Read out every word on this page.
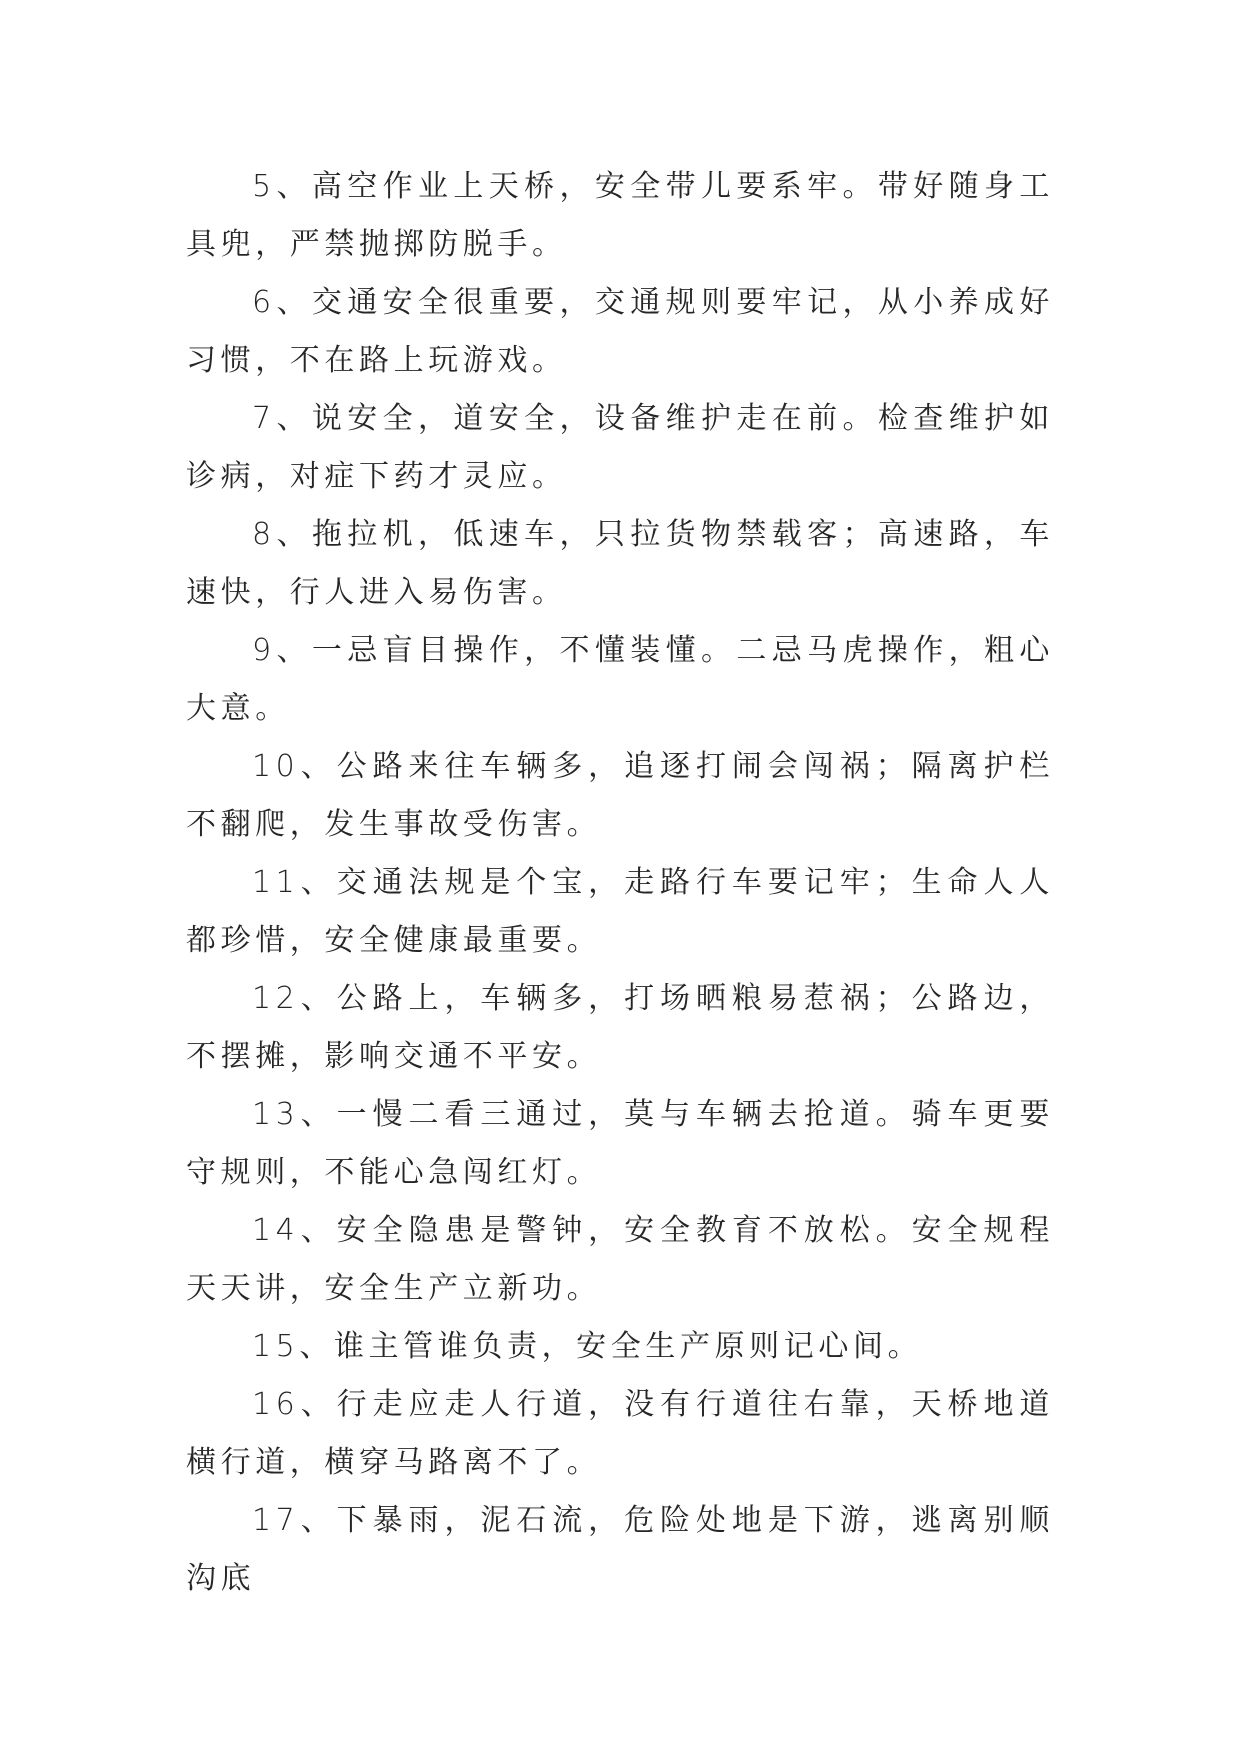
5、高空作业上天桥，安全带儿要系牢。带好随身工具兜，严禁抛掷防脱手。

6、交通安全很重要，交通规则要牢记，从小养成好习惯，不在路上玩游戏。

7、说安全，道安全，设备维护走在前。检查维护如诊病，对症下药才灵应。

8、拖拉机，低速车，只拉货物禁载客；高速路，车速快，行人进入易伤害。

9、一忌盲目操作，不懂装懂。二忌马虎操作，粗心大意。

10、公路来往车辆多，追逐打闹会闯祸；隔离护栏不翻爬，发生事故受伤害。

11、交通法规是个宝，走路行车要记牢；生命人人都珍惜，安全健康最重要。

12、公路上，车辆多，打场晒粮易惹祸；公路边，不摆摊，影响交通不平安。

13、一慢二看三通过，莫与车辆去抢道。骑车更要守规则，不能心急闯红灯。

14、安全隐患是警钟，安全教育不放松。安全规程天天讲，安全生产立新功。

15、谁主管谁负责，安全生产原则记心间。

16、行走应走人行道，没有行道往右靠，天桥地道横行道，横穿马路离不了。

17、下暴雨，泥石流，危险处地是下游，逃离别顺沟底
